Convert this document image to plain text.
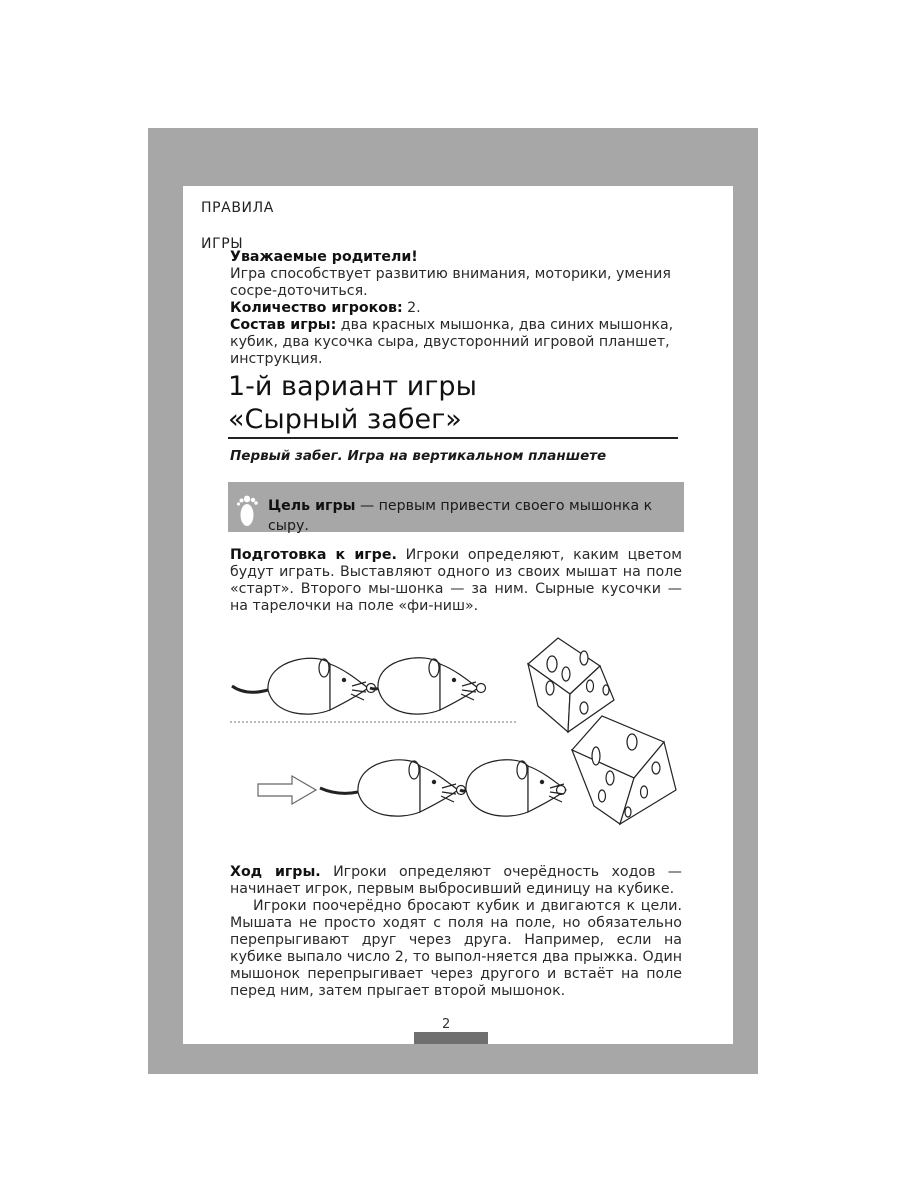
ПРАВИЛА ИГРЫ

Уважаемые родители!

Игра способствует развитию внимания, моторики, умения сосре-доточиться.

Количество игроков: 2.

Состав игры: два красных мышонка, два синих мышонка, кубик, два кусочка сыра, двусторонний игровой планшет, инструкция.

1-й вариант игры
«Сырный забег»
Первый забег. Игра на вертикальном планшете
Цель игры — первым привести своего мышонка к сыру.
Подготовка к игре. Игроки определяют, каким цветом будут играть. Выставляют одного из своих мышат на поле «старт». Второго мы-шонка — за ним. Сырные кусочки — на тарелочки на поле «фи-ниш».

Ход игры. Игроки определяют очерёдность ходов — начинает игрок, первым выбросивший единицу на кубике.

Игроки поочерёдно бросают кубик и двигаются к цели. Мышата не просто ходят с поля на поле, но обязательно перепрыгивают друг через друга. Например, если на кубике выпало число 2, то выпол-няется два прыжка. Один мышонок перепрыгивает через другого и встаёт на поле перед ним, затем прыгает второй мышонок.

2
